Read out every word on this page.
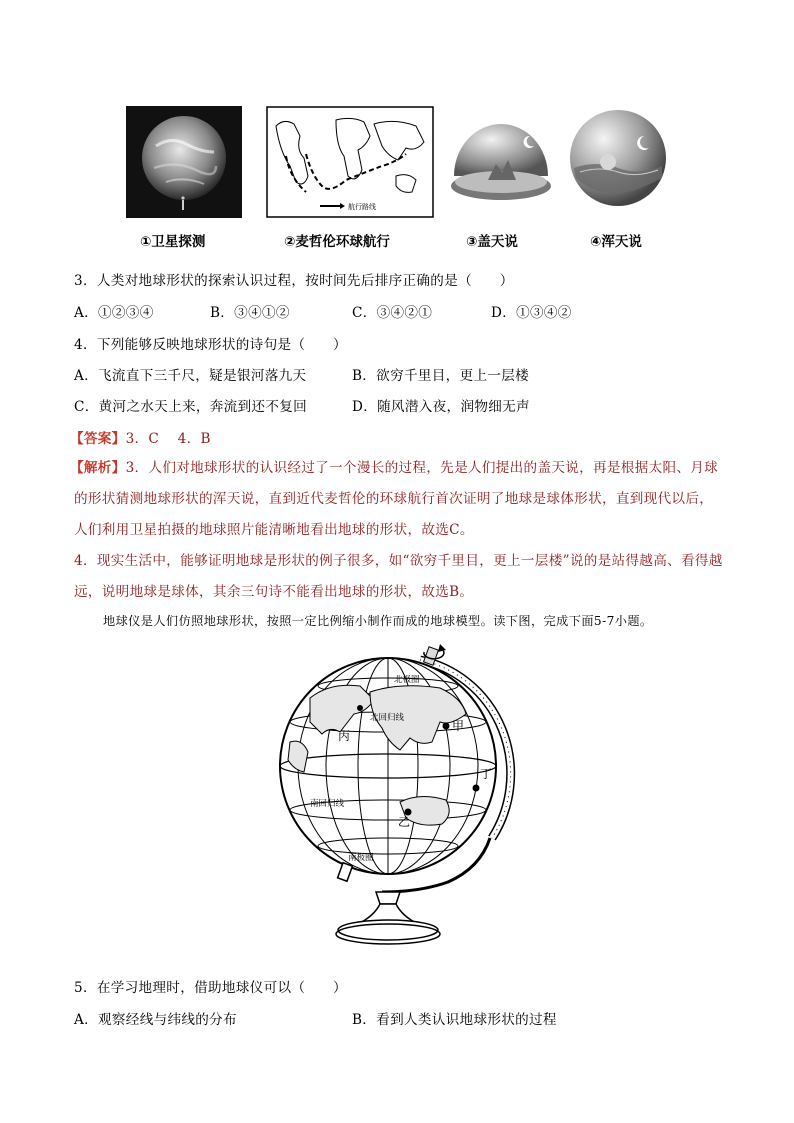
①卫星探测
航行路线
②麦哲伦环球航行	③盖天说	④浑天说
3．人类对地球形状的探索认识过程，按时间先后排序正确的是（　　）
A．①②③④	B．③④①②	C．③④②①	D．①③④②
4．下列能够反映地球形状的诗句是（　　）
A．飞流直下三千尺，疑是银河落九天	B．欲穷千里目，更上一层楼
C．黄河之水天上来，奔流到还不复回	D．随风潜入夜，润物细无声
【答案】3．C　 4．B
【解析】3．人们对地球形状的认识经过了一个漫长的过程，先是人们提出的盖天说，再是根据太阳、月球
的形状猜测地球形状的浑天说，直到近代麦哲伦的环球航行首次证明了地球是球体形状，直到现代以后，
人们利用卫星拍摄的地球照片能清晰地看出地球的形状，故选C。
4．现实生活中，能够证明地球是形状的例子很多，如“欲穷千里目，更上一层楼”说的是站得越高、看得越
远，说明地球是球体，其余三句诗不能看出地球的形状，故选B。
地球仪是人们仿照地球形状，按照一定比例缩小制作而成的地球模型。读下图，完成下面5-7小题。
北极圈
北回归线
南回归线
南极圈
丙
甲
丁
乙
5．在学习地理时，借助地球仪可以（　　）
A．观察经线与纬线的分布	B．看到人类认识地球形状的过程
